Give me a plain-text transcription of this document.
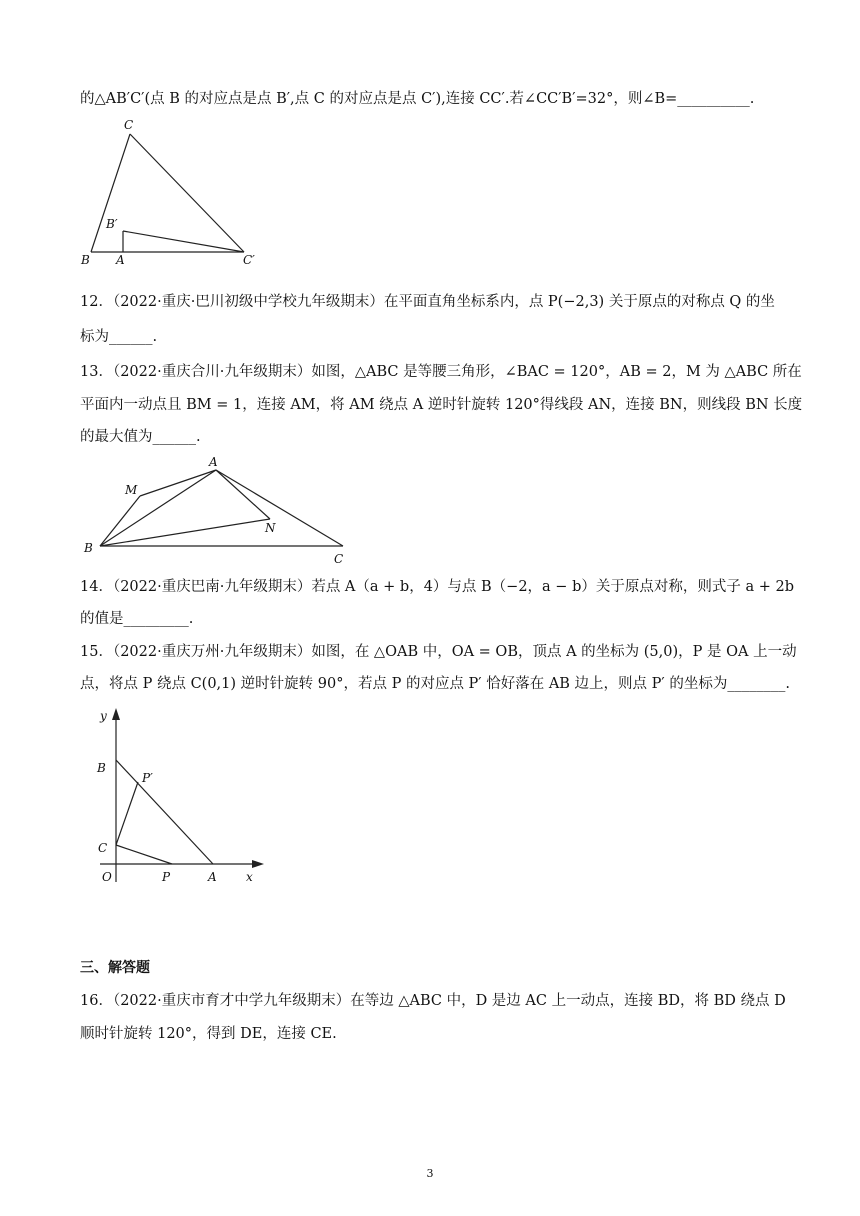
的△AB′C′(点 B 的对应点是点 B′,点 C 的对应点是点 C′),连接 CC′.若∠CC′B′=32°，则∠B=__________.
C
B′
B A	C′
12．（2022·重庆·巴川初级中学校九年级期末）在平面直角坐标系内，点 P(−2,3) 关于原点的对称点 Q 的坐
标为______.
13．（2022·重庆合川·九年级期末）如图，△ABC 是等腰三角形，∠BAC = 120°，AB = 2，M 为 △ABC 所在
平面内一动点且 BM = 1，连接 AM，将 AM 绕点 A 逆时针旋转 120°得线段 AN，连接 BN，则线段 BN 长度
的最大值为______.
A
M
N
B
C
14．（2022·重庆巴南·九年级期末）若点 A（a + b，4）与点 B（−2，a − b）关于原点对称，则式子 a + 2b
的值是_________.
15．（2022·重庆万州·九年级期末）如图，在 △OAB 中，OA = OB，顶点 A 的坐标为 (5,0)，P 是 OA 上一动
点，将点 P 绕点 C(0,1) 逆时针旋转 90°，若点 P 的对应点 P′ 恰好落在 AB 边上，则点 P′ 的坐标为________.
y
B
P′
C
O	P	A x
三、解答题
16．（2022·重庆市育才中学九年级期末）在等边 △ABC 中，D 是边 AC 上一动点，连接 BD，将 BD 绕点 D
顺时针旋转 120°，得到 DE，连接 CE.
3
